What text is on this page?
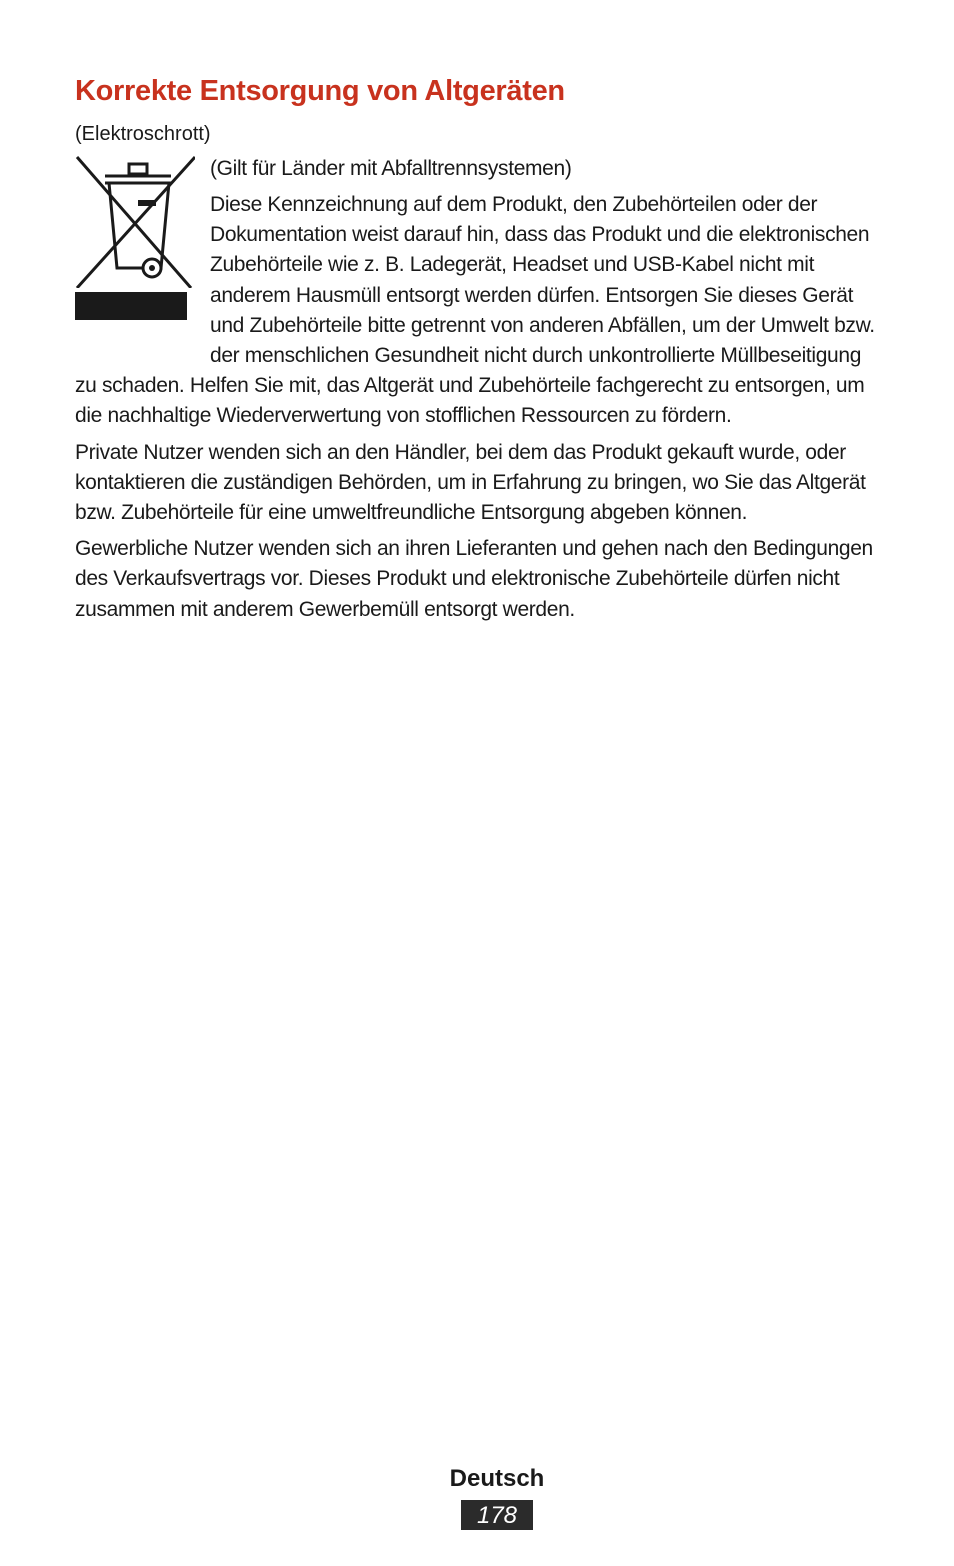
Korrekte Entsorgung von Altgeräten
(Elektroschrott)

(Gilt für Länder mit Abfalltrennsystemen)

Diese Kennzeichnung auf dem Produkt, den Zubehörteilen oder der Dokumentation weist darauf hin, dass das Produkt und die elektronischen Zubehörteile wie z. B. Ladegerät, Headset und USB-Kabel nicht mit anderem Hausmüll entsorgt werden dürfen. Entsorgen Sie dieses Gerät und Zubehörteile bitte getrennt von anderen Abfällen, um der Umwelt bzw. der menschlichen Gesundheit nicht durch unkontrollierte Müllbeseitigung zu schaden. Helfen Sie mit, das Altgerät und Zubehörteile fachgerecht zu entsorgen, um die nachhaltige Wiederverwertung von stofflichen Ressourcen zu fördern.

Private Nutzer wenden sich an den Händler, bei dem das Produkt gekauft wurde, oder kontaktieren die zuständigen Behörden, um in Erfahrung zu bringen, wo Sie das Altgerät bzw. Zubehörteile für eine umweltfreundliche Entsorgung abgeben können.

Gewerbliche Nutzer wenden sich an ihren Lieferanten und gehen nach den Bedingungen des Verkaufsvertrags vor. Dieses Produkt und elektronische Zubehörteile dürfen nicht zusammen mit anderem Gewerbemüll entsorgt werden.

Deutsch
178
